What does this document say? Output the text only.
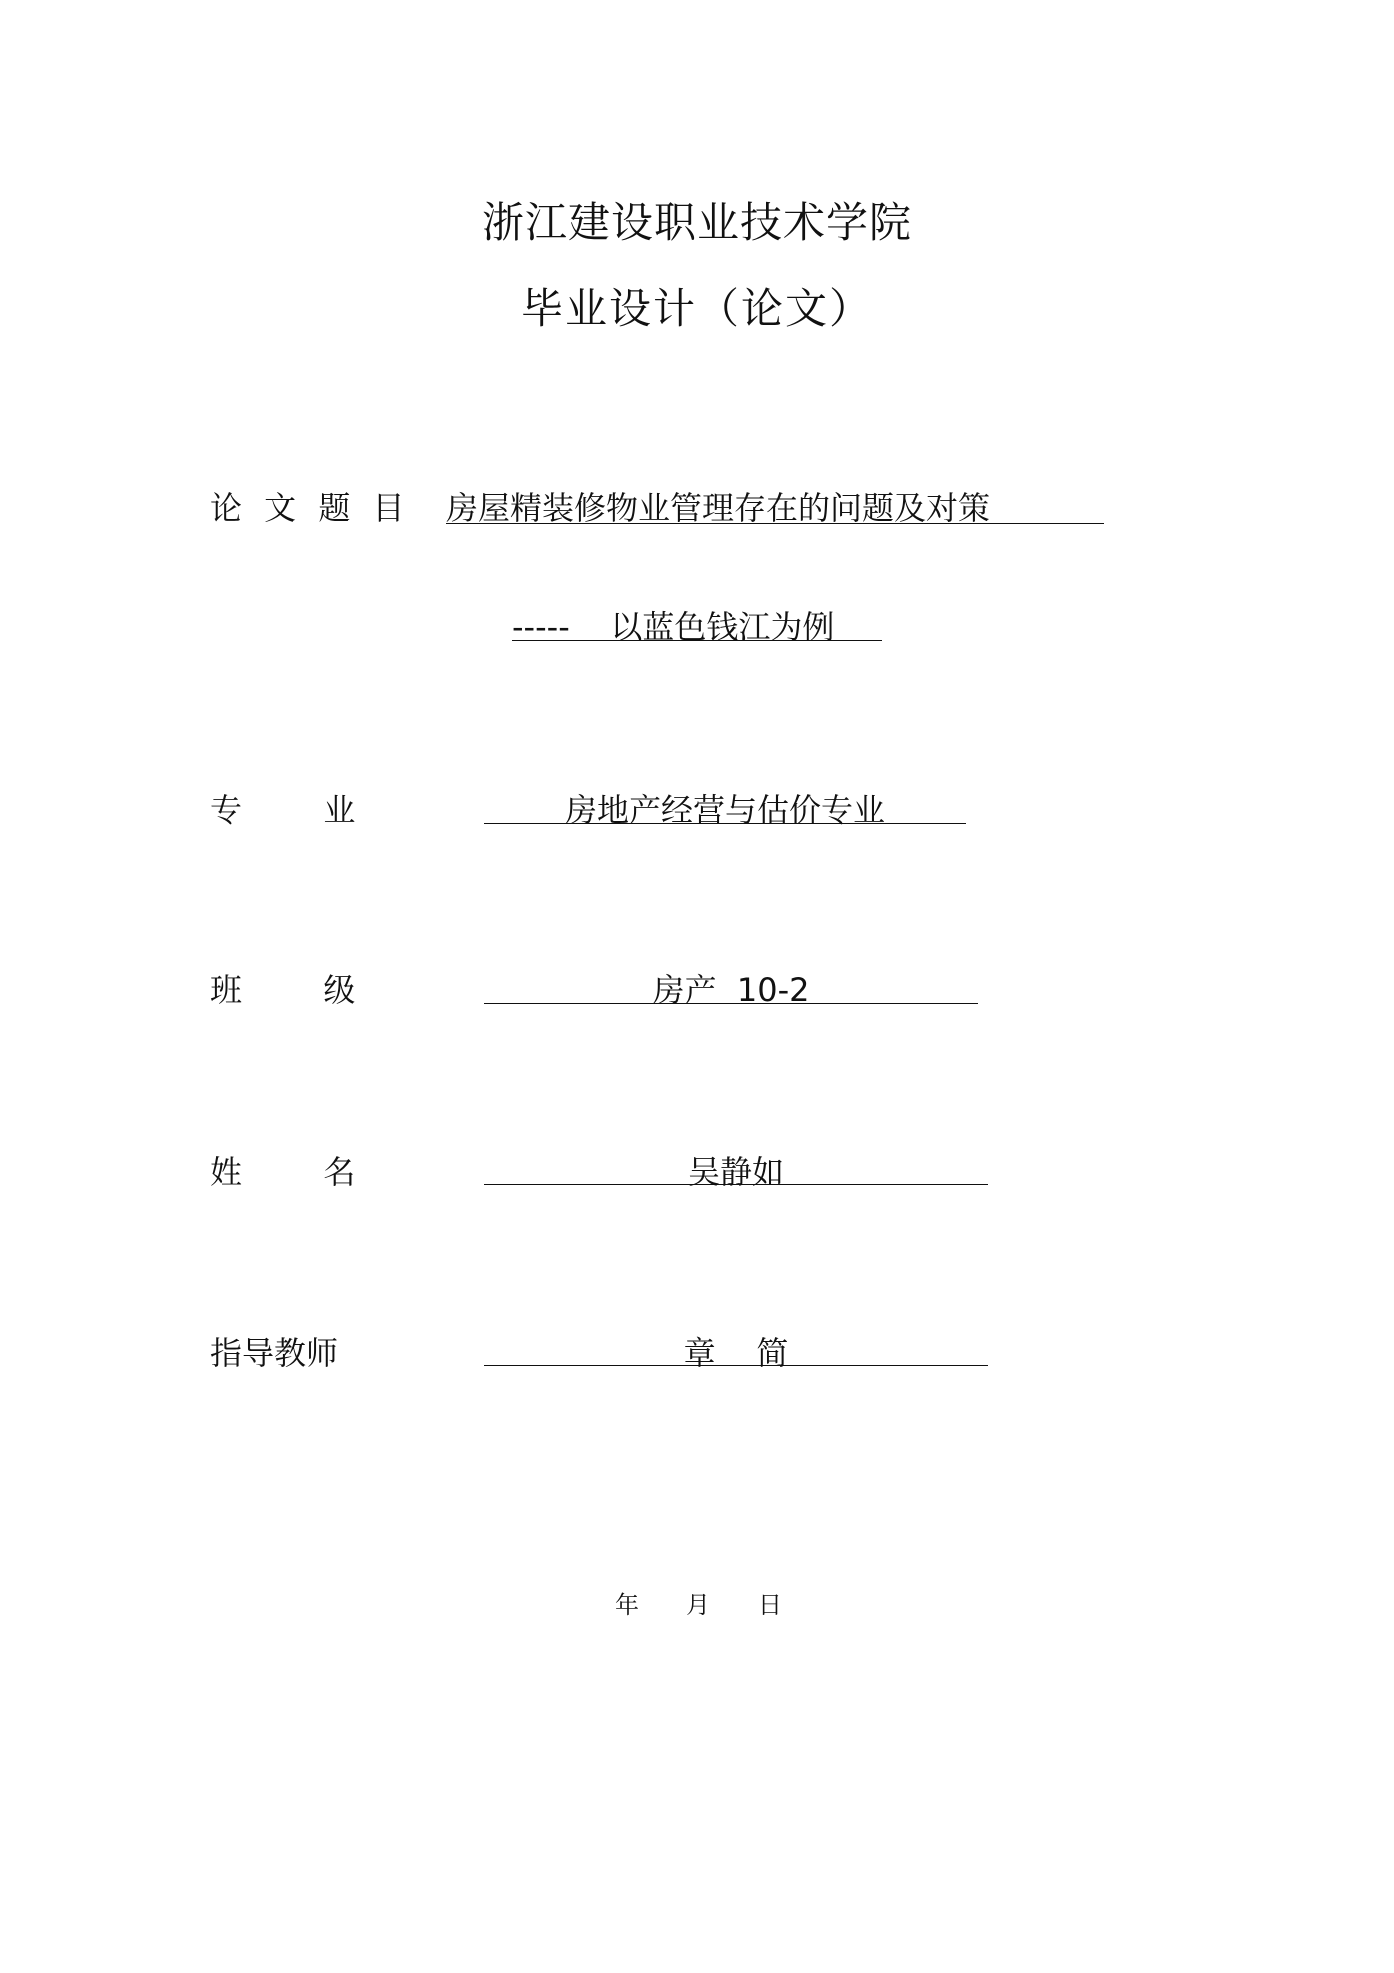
浙江建设职业技术学院
毕业设计（论文）
论 文 题 目 房屋精装修物业管理存在的问题及对策
-----    以蓝色钱江为例
专        业	房地产经营与估价专业
班        级	房产  10-2
姓        名	吴静如
指导教师	章    简
年 月 日
